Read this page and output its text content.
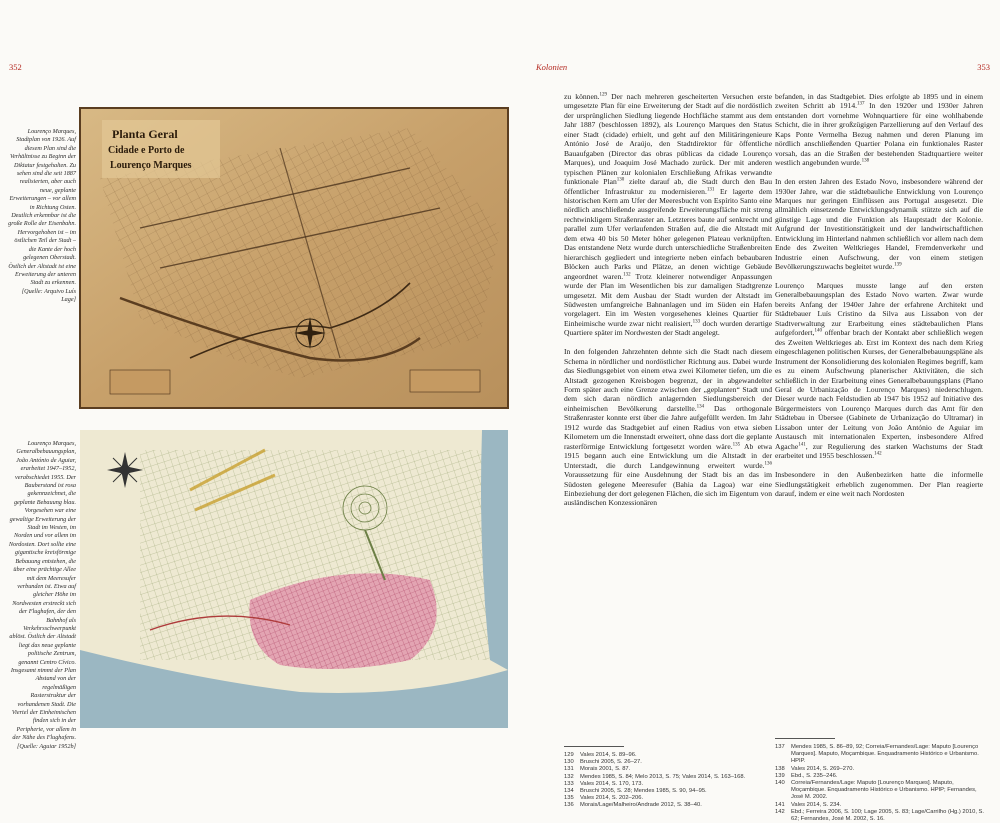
352	Kolonien	353
Lourenço Marques, Stadtplan von 1926. Auf diesem Plan sind die Verhältnisse zu Beginn der Diktatur festgehalten. Zu sehen sind die seit 1887 realisierten, aber auch neue, geplante Erweiterungen – vor allem in Richtung Osten. Deutlich erkennbar ist die große Rolle der Eisenbahn. Hervorgehoben ist – im östlichen Teil der Stadt – die Kante der hoch gelegenen Oberstadt. Östlich der Altstadt ist eine Erweiterung der unteren Stadt zu erkennen. [Quelle: Arquivo Luís Lage]
Planta Geral
Cidade e Porto de
Lourenço Marques
Lourenço Marques, Generalbebauungsplan, João António de Aguiar, erarbeitet 1947–1952, verabschiedet 1955. Der Bauberstand ist rosa gekennzeichnet, die geplante Bebauung blau. Vorgesehen war eine gewaltige Erweiterung der Stadt im Westen, im Norden und vor allem im Nordosten. Dort sollte eine gigantische kreisförmige Bebauung entstehen, die über eine prächtige Allee mit dem Meeresufer verbunden ist. Etwa auf gleicher Höhe im Nordwesten erstreckt sich der Flughafen, der den Bahnhof als Verkehrsschwerpunkt ablöst. Östlich der Altstadt liegt das neue geplante politische Zentrum, genannt Centro Cívico. Insgesamt nimmt der Plan Abstand von der regelmäßigen Rasterstruktur der vorhandenen Stadt. Die Viertel der Einheimischen finden sich in der Peripherie, vor allem in der Nähe des Flughafens. [Quelle: Aguiar 1952b]

zu können.$^{129}$ Der nach mehreren gescheiterten Versuchen erste umgesetzte Plan für eine Erweiterung der Stadt auf die nordöstlich der ursprünglichen Siedlung liegende Hochfläche stammt aus dem Jahr 1887 (beschlossen 1892), als Lourenço Marques den Status einer Stadt (cidade) erhielt, und geht auf den Militäringenieure António José de Araújo, den Stadtdirektor für öffentliche Bauaufgaben (Director das obras públicas da cidade Lourenço Marques), und Joaquim José Machado zurück. Der mit anderen typischen Plänen zur kolonialen Erschließung Afrikas verwandte funktionale Plan$^{130}$ zielte darauf ab, die Stadt durch den Bau öffentlicher Infrastruktur zu modernisieren.$^{131}$ Er lagerte dem historischen Kern am Ufer der Meeresbucht von Espírito Santo eine nördlich anschließende ausgreifende Erweiterungsfläche mit streng rechtwinkligem Straßenraster an. Letzteres baute auf senkrecht und parallel zum Ufer verlaufenden Straßen auf, die die Altstadt mit dem etwa 40 bis 50 Meter höher gelegenen Plateau verknüpften. Das entstandene Netz wurde durch unterschiedliche Straßenbreiten hierarchisch gegliedert und integrierte neben einfach bebaubaren Blöcken auch Parks und Plätze, an denen wichtige Gebäude angeordnet waren.$^{132}$ Trotz kleinerer notwendiger Anpassungen wurde der Plan im Wesentlichen bis zur damaligen Stadtgrenze umgesetzt. Mit dem Ausbau der Stadt wurden der Altstadt im Südwesten umfangreiche Bahnanlagen und im Süden ein Hafen vorgelagert. Ein im Westen vorgesehenes kleines Quartier für Einheimische wurde zwar nicht realisiert,$^{133}$ doch wurden derartige Quartiere später im Nordwesten der Stadt angelegt.

In den folgenden Jahrzehnten dehnte sich die Stadt nach diesem Schema in nördlicher und nordöstlicher Richtung aus. Dabei wurde das Siedlungsgebiet von einem etwa zwei Kilometer tiefen, um die Altstadt gezogenen Kreisbogen begrenzt, der in abgewandelter Form später auch eine Grenze zwischen der „geplanten“ Stadt und dem sich daran nördlich anlagernden Siedlungsbereich der einheimischen Bevölkerung darstellte.$^{134}$ Das orthogonale Straßenraster konnte erst über die Jahre aufgefüllt werden. Im Jahr 1912 wurde das Stadtgebiet auf einen Radius von etwa sieben Kilometern um die Innenstadt erweitert, ohne dass dort die geplante rasterförmige Entwicklung fortgesetzt worden wäre.$^{135}$ Ab etwa 1915 begann auch eine Entwicklung um die Altstadt in der Unterstadt, die durch Landgewinnung erweitert wurde.$^{136}$ Voraussetzung für eine Ausdehnung der Stadt bis an das im Südosten gelegene Meeresufer (Bahia da Lagoa) war eine Einbeziehung der dort gelegenen Flächen, die sich im Eigentum von ausländischen Konzessionären

befanden, in das Stadtgebiet. Dies erfolgte ab 1895 und in einem zweiten Schritt ab 1914.$^{137}$ In den 1920er und 1930er Jahren entstanden dort vornehme Wohnquartiere für eine wohlhabende Schicht, die in ihrer großzügigen Parzellierung auf den Verlauf des Kaps Ponte Vermelha Bezug nahmen und deren Planung im nördlich anschließenden Quartier Polana ein funktionales Raster vorsah, das an die Straßen der bestehenden Stadtquartiere weiter westlich angebunden wurde.$^{138}$

In den ersten Jahren des Estado Novo, insbesondere während der 1930er Jahre, war die städtebauliche Entwicklung von Lourenço Marques nur geringen Einflüssen aus Portugal ausgesetzt. Die allmählich einsetzende Entwicklungsdynamik stützte sich auf die günstige Lage und die Funktion als Hauptstadt der Kolonie. Aufgrund der Investitionstätigkeit und der landwirtschaftlichen Entwicklung im Hinterland nahmen schließlich vor allem nach dem Ende des Zweiten Weltkrieges Handel, Fremdenverkehr und Industrie einen Aufschwung, der von einem stetigen Bevölkerungszuwachs begleitet wurde.$^{139}$

Lourenço Marques musste lange auf den ersten Generalbebauungsplan des Estado Novo warten. Zwar wurde bereits Anfang der 1940er Jahre der erfahrene Architekt und Städtebauer Luís Cristino da Silva aus Lissabon von der Stadtverwaltung zur Erarbeitung eines städtebaulichen Plans aufgefordert,$^{140}$ offenbar brach der Kontakt aber schließlich wegen des Zweiten Weltkrieges ab. Erst im Kontext des nach dem Krieg eingeschlagenen politischen Kurses, der Generalbebauungspläne als Instrument der Konsolidierung des kolonialen Regimes begriff, kam es zu einem Aufschwung planerischer Aktivitäten, die sich schließlich in der Erarbeitung eines Generalbebauungsplans (Plano Geral de Urbanização de Lourenço Marques) niederschlugen. Dieser wurde nach Feldstudien ab 1947 bis 1952 auf Initiative des Bürgermeisters von Lourenço Marques durch das Amt für den Städtebau in Übersee (Gabinete de Urbanização do Ultramar) in Lissabon unter der Leitung von João António de Aguiar im Austausch mit internationalen Experten, insbesondere Alfred Agache$^{141}$, zur Regulierung des starken Wachstums der Stadt erarbeitet und 1955 beschlossen.$^{142}$

Insbesondere in den Außenbezirken hatte die informelle Siedlungstätigkeit erheblich zugenommen. Der Plan reagierte darauf, indem er eine weit nach Nordosten

129	Vales 2014, S. 89–96.
130	Bruschi 2005, S. 26–27.
131	Morais 2001, S. 87.
132	Mendes 1985, S. 84; Melo 2013, S. 75; Vales 2014, S. 163–168.
133	Vales 2014, S. 170, 173.
134	Bruschi 2005, S. 28; Mendes 1985, S. 90, 94–95.
135	Vales 2014, S. 202–206.
136	Morais/Lage/Malheiro/Andrade 2012, S. 38–40.
137	Mendes 1985, S. 86–89, 92; Correia/Fernandes/Lage: Maputo [Lourenço Marques]. Maputo, Moçambique. Enquadramento Histórico e Urbanismo. HPIP.
138	Vales 2014, S. 269–270.
139	Ebd., S. 235–246.
140	Correia/Fernandes/Lage: Maputo [Lourenço Marques]. Maputo, Moçambique. Enquadramento Histórico e Urbanismo. HPIP; Fernandes, José M. 2002.
141	Vales 2014, S. 234.
142	Ebd.; Ferreira 2006, S. 100; Lage 2005, S. 83; Lage/Carrilho (Hg.) 2010, S. 62; Fernandes, José M. 2002, S. 16.
